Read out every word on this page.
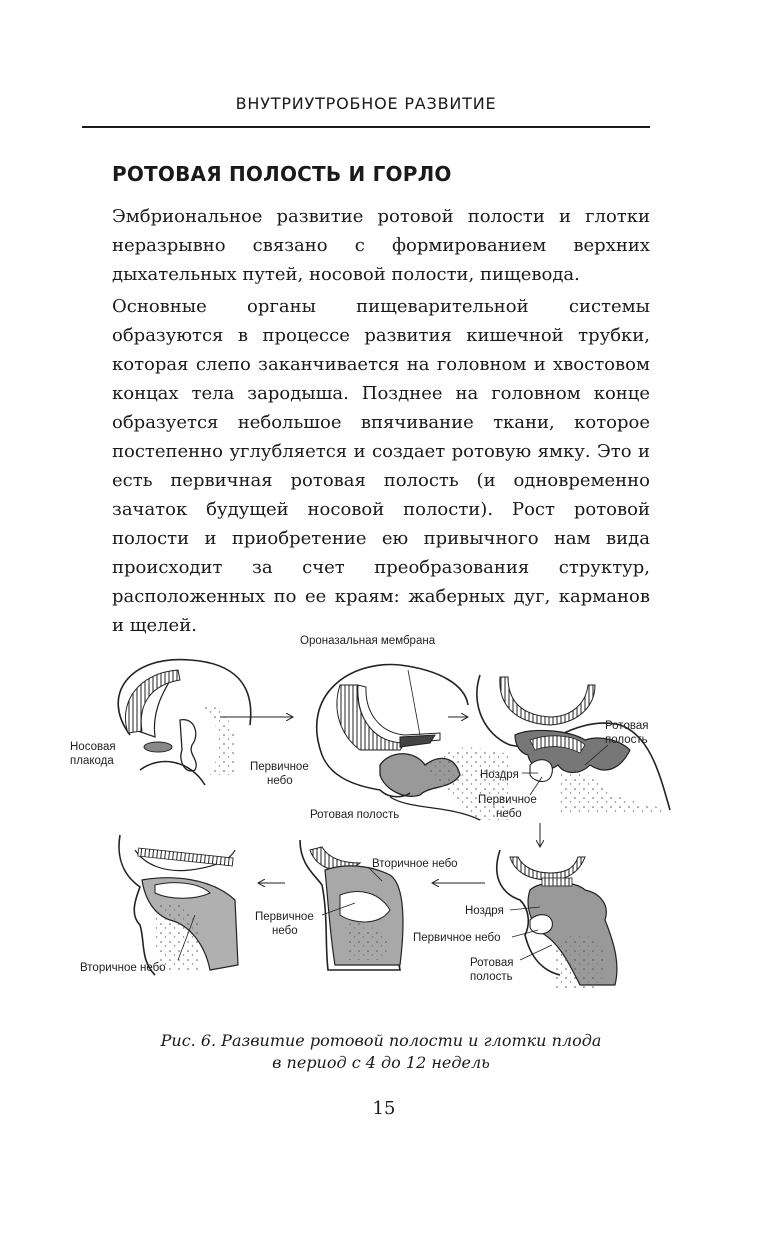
ВНУТРИУТРОБНОЕ РАЗВИТИЕ
РОТОВАЯ ПОЛОСТЬ И ГОРЛО

Эмбриональное развитие ротовой полости и глотки неразрывно связано с формированием верхних дыхательных путей, носовой полости, пищевода.

Основные органы пищеварительной системы образуются в процессе развития кишечной трубки, которая слепо заканчивается на головном и хвостовом концах тела зародыша. Позднее на головном конце образуется небольшое впячивание ткани, которое постепенно углубляется и создает ротовую ямку. Это и есть первичная ротовая полость (и одновременно зачаток будущей носовой полости). Рост ротовой полости и приобретение ею привычного нам вида происходит за счет преобразования структур, расположенных по ее краям: жаберных дуг, карманов и щелей.

Носовая
плакода
Ороназальная мембрана
Первичное
небо
Ротовая полость
Ротовая
полость
Ноздря
Первичное
небо
Вторичное небо
Первичное
небо
Вторичное небо
Ноздря
Первичное небо
Ротовая
полость
Рис. 6. Развитие ротовой полости и глотки плода
в период с 4 до 12 недель
15
